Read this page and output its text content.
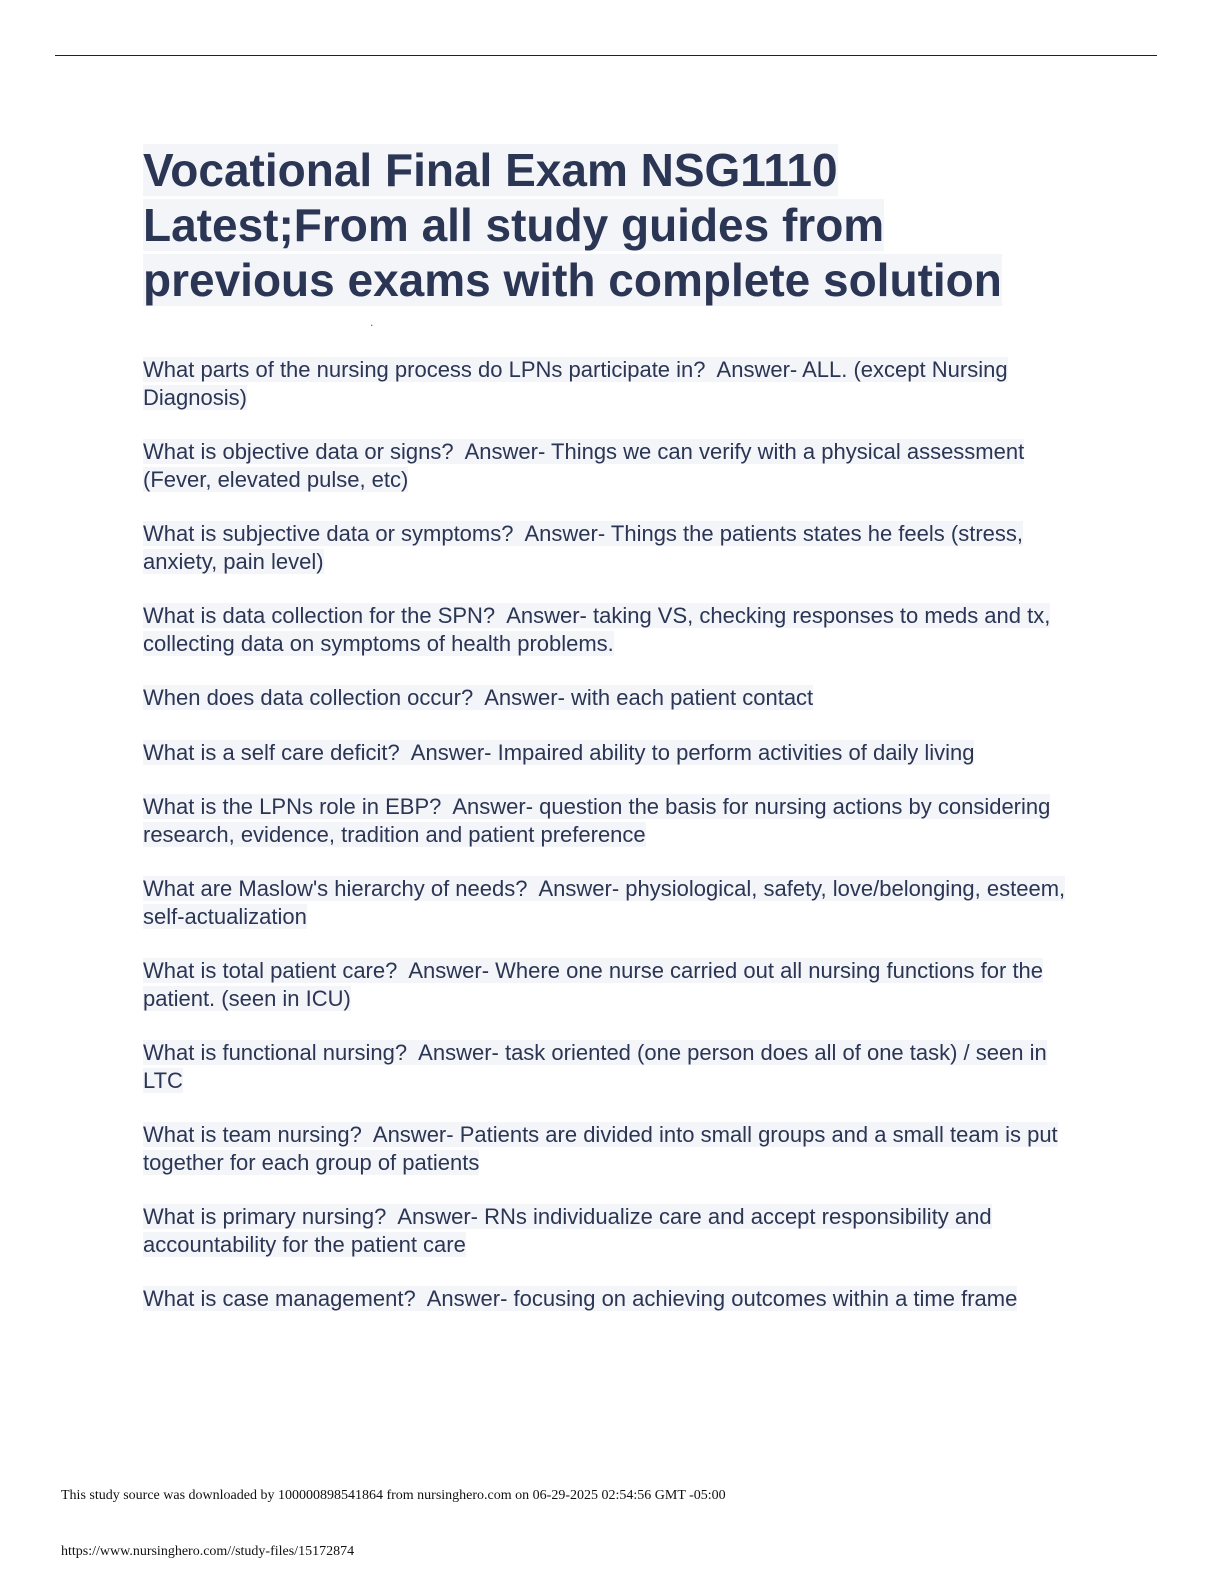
Vocational Final Exam NSG1110 Latest;From all study guides from previous exams with complete solution
.
What parts of the nursing process do LPNs participate in? Answer- ALL. (except Nursing Diagnosis)
What is objective data or signs? Answer- Things we can verify with a physical assessment (Fever, elevated pulse, etc)
What is subjective data or symptoms? Answer- Things the patients states he feels (stress, anxiety, pain level)
What is data collection for the SPN? Answer- taking VS, checking responses to meds and tx, collecting data on symptoms of health problems.
When does data collection occur? Answer- with each patient contact
What is a self care deficit? Answer- Impaired ability to perform activities of daily living
What is the LPNs role in EBP? Answer- question the basis for nursing actions by considering research, evidence, tradition and patient preference
What are Maslow's hierarchy of needs? Answer- physiological, safety, love/belonging, esteem, self-actualization
What is total patient care? Answer- Where one nurse carried out all nursing functions for the patient. (seen in ICU)
What is functional nursing? Answer- task oriented (one person does all of one task) / seen in LTC
What is team nursing? Answer- Patients are divided into small groups and a small team is put together for each group of patients
What is primary nursing? Answer- RNs individualize care and accept responsibility and accountability for the patient care
What is case management? Answer- focusing on achieving outcomes within a time frame
This study source was downloaded by 100000898541864 from nursinghero.com on 06-29-2025 02:54:56 GMT -05:00
https://www.nursinghero.com//study-files/15172874
